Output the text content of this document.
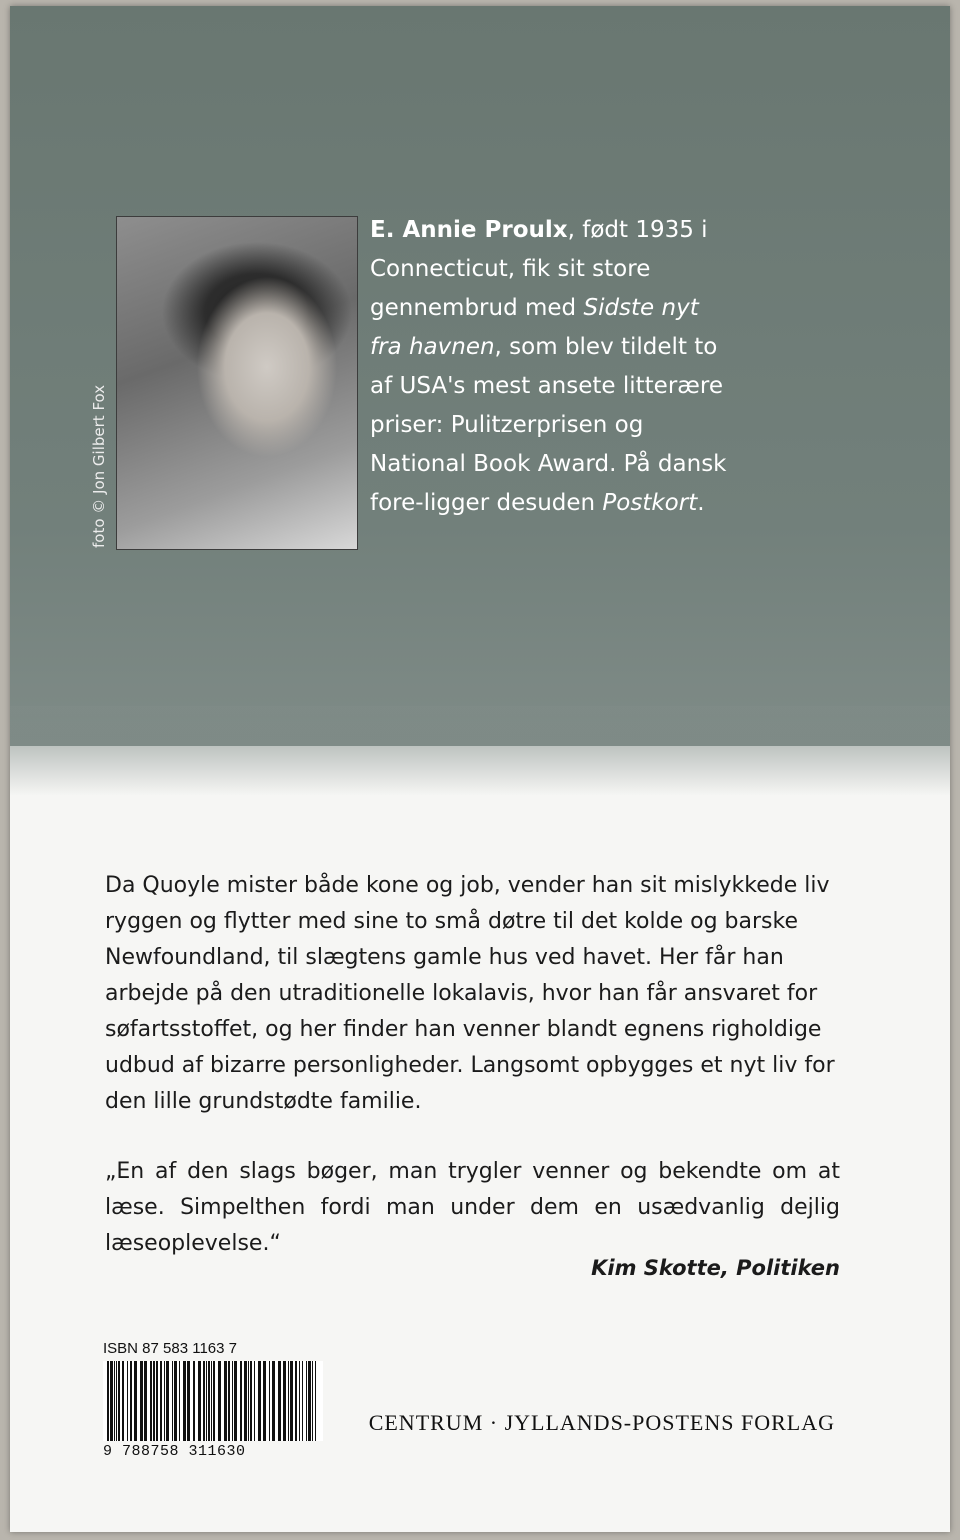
foto © Jon Gilbert Fox
E. Annie Proulx, født 1935 i Connecticut, fik sit store gennembrud med Sidste nyt fra havnen, som blev tildelt to af USA's mest ansete litterære priser: Pulitzerprisen og National Book Award. På dansk fore-ligger desuden Postkort.
Da Quoyle mister både kone og job, vender han sit mislykkede liv ryggen og flytter med sine to små døtre til det kolde og barske Newfoundland, til slægtens gamle hus ved havet. Her får han arbejde på den utraditionelle lokalavis, hvor han får ansvaret for søfartsstoffet, og her finder han venner blandt egnens righoldige udbud af bizarre personligheder. Langsomt opbygges et nyt liv for den lille grundstødte familie.
„En af den slags bøger, man trygler venner og bekendte om at læse. Simpelthen fordi man under dem en usædvanlig dejlig læseoplevelse.“
Kim Skotte, Politiken
ISBN 87 583 1163 7
9 788758 311630
CENTRUM · JYLLANDS-POSTENS FORLAG
